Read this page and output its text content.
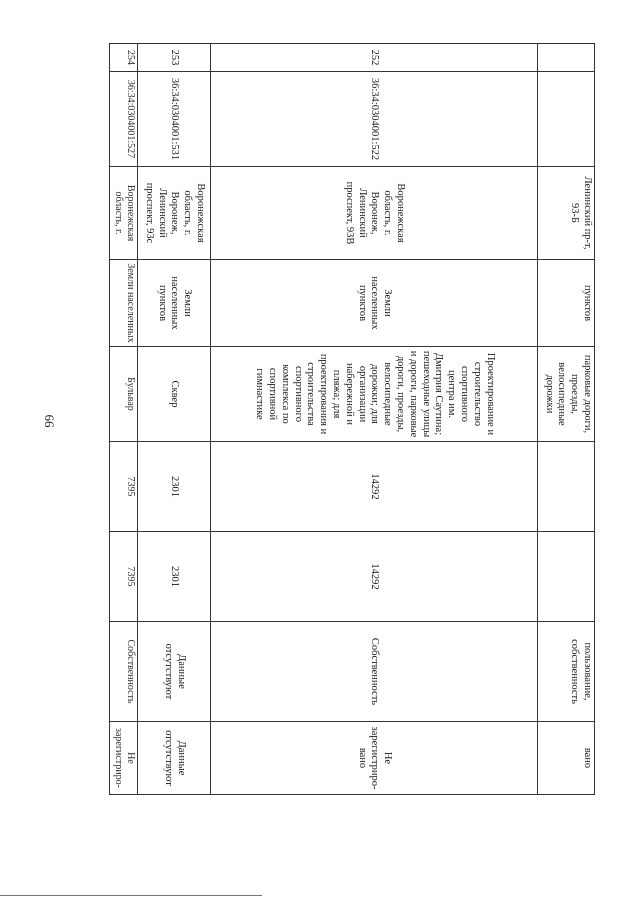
66
		Ленинский пр-т, 93-Б	пунктов	парковые дороги, проезды, велосипедные дорожки			пользование, собственность	вано
252	36:34:0304001:522	Воронежская область, г. Воронеж, Ленинский проспект, 93В	Земли населенных пунктов	Проектирование и строительство спортивного центра им. Дмитрия Саутина; пешеходные улицы и дороги, парковые дороги, проезды, велосипедные дорожки; для организации набережной и пляжа; для проектирования и строительства спортивного комплекса по спортивной гимнастике	14292	14292	Собственность	Не зарегистриро-вано
253	36:34:0304001:531	Воронежская область, г. Воронеж, Ленинский проспект, 93с	Земли населенных пунктов	Сквер	2301	2301	Данные отсутствуют	Данные отсутствуют
254	36:34:0304001:527	Воронежская область, г.	Земли населенных	Бульвар	7395	7395	Собственность	Не зарегистриро-
